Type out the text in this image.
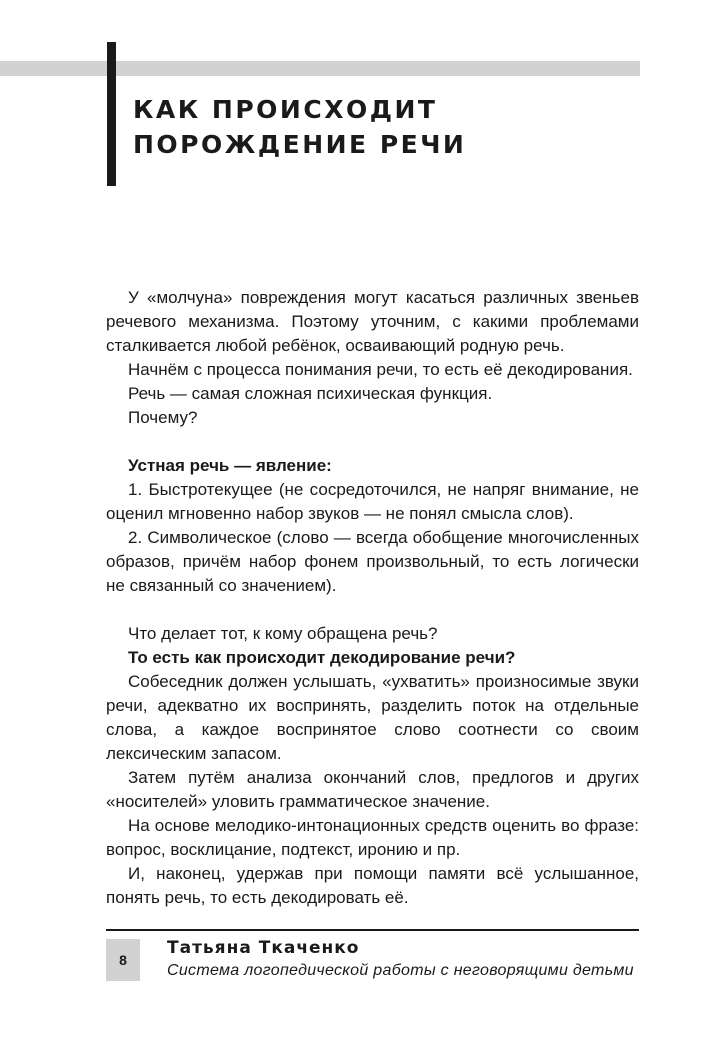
КАК ПРОИСХОДИТ
ПОРОЖДЕНИЕ РЕЧИ

У «молчуна» повреждения могут касаться различных звеньев речевого механизма. Поэтому уточним, с какими проблемами сталкивается любой ребёнок, осваивающий родную речь.

Начнём с процесса понимания речи, то есть её декодирования.

Речь — самая сложная психическая функция.

Почему?

Устная речь — явление:

1. Быстротекущее (не сосредоточился, не напряг внимание, не оценил мгновенно набор звуков — не понял смысла слов).

2. Символическое (слово — всегда обобщение многочисленных образов, причём набор фонем произвольный, то есть логически не связанный со значением).

Что делает тот, к кому обращена речь?

То есть как происходит декодирование речи?

Собеседник должен услышать, «ухватить» произносимые звуки речи, адекватно их воспринять, разделить поток на отдельные слова, а каждое воспринятое слово соотнести со своим лексическим запасом.

Затем путём анализа окончаний слов, предлогов и других «носителей» уловить грамматическое значение.

На основе мелодико-интонационных средств оценить во фразе: вопрос, восклицание, подтекст, иронию и пр.

И, наконец, удержав при помощи памяти всё услышанное, понять речь, то есть декодировать её.

8
Татьяна Ткаченко
Система логопедической работы с неговорящими детьми
